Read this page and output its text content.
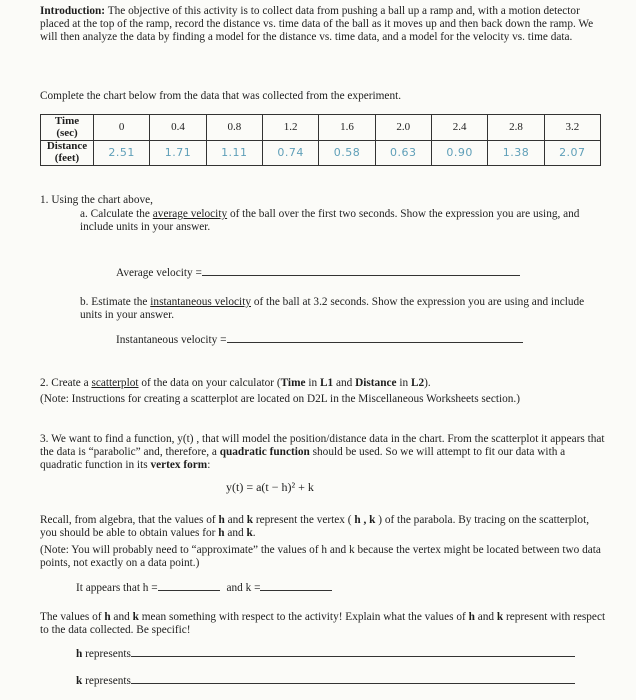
Introduction: The objective of this activity is to collect data from pushing a ball up a ramp and, with a motion detector placed at the top of the ramp, record the distance vs. time data of the ball as it moves up and then back down the ramp. We will then analyze the data by finding a model for the distance vs. time data, and a model for the velocity vs. time data.

Complete the chart below from the data that was collected from the experiment.
Time
(sec)	0	0.4	0.8	1.2	1.6	2.0	2.4	2.8	3.2
Distance
(feet)	2.51	1.71	1.11	0.74	0.58	0.63	0.90	1.38	2.07
1. Using the chart above,
a. Calculate the average velocity of the ball over the first two seconds. Show the expression you are using, and include units in your answer.
Average velocity =
b. Estimate the instantaneous velocity of the ball at 3.2 seconds. Show the expression you are using and include units in your answer.
Instantaneous velocity =
2. Create a scatterplot of the data on your calculator (Time in L1 and Distance in L2).
(Note: Instructions for creating a scatterplot are located on D2L in the Miscellaneous Worksheets section.)
3. We want to find a function, y(t) , that will model the position/distance data in the chart. From the scatterplot it appears that the data is “parabolic” and, therefore, a quadratic function should be used. So we will attempt to fit our data with a quadratic function in its vertex form:
y(t) = a(t − h)² + k
Recall, from algebra, that the values of h and k represent the vertex ( h , k ) of the parabola. By tracing on the scatterplot, you should be able to obtain values for h and k.
(Note: You will probably need to “approximate” the values of h and k because the vertex might be located between two data points, not exactly on a data point.)
It appears that h =	and k =
The values of h and k mean something with respect to the activity! Explain what the values of h and k represent with respect to the data collected. Be specific!
h represents
k represents
